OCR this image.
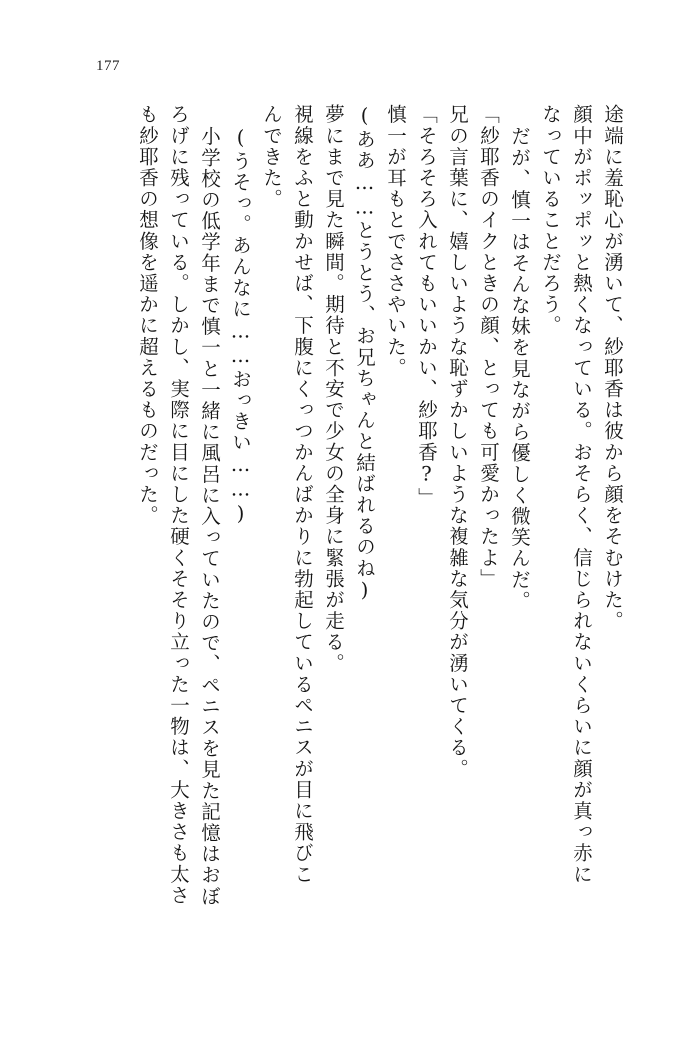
177
途端に羞恥心が湧いて、紗耶香は彼から顔をそむけた。
顔中がポッポッと熱くなっている。おそらく、信じられないくらいに顔が真っ赤に
なっていることだろう。
だが、慎一はそんな妹を見ながら優しく微笑んだ。
「紗耶香のイクときの顔、とっても可愛かったよ」
兄の言葉に、嬉しいような恥ずかしいような複雑な気分が湧いてくる。
「そろそろ入れてもいいかい、紗耶香?」
慎一が耳もとでささやいた。
(ああ……とうとう、お兄ちゃんと結ばれるのね)
夢にまで見た瞬間。期待と不安で少女の全身に緊張が走る。
視線をふと動かせば、下腹にくっつかんばかりに勃起しているペニスが目に飛びこ
んできた。
(うそっ。あんなに……おっきい……)
小学校の低学年まで慎一と一緒に風呂に入っていたので、ペニスを見た記憶はおぼ
ろげに残っている。しかし、実際に目にした硬くそそり立った一物は、大きさも太さ
も紗耶香の想像を遥かに超えるものだった。
